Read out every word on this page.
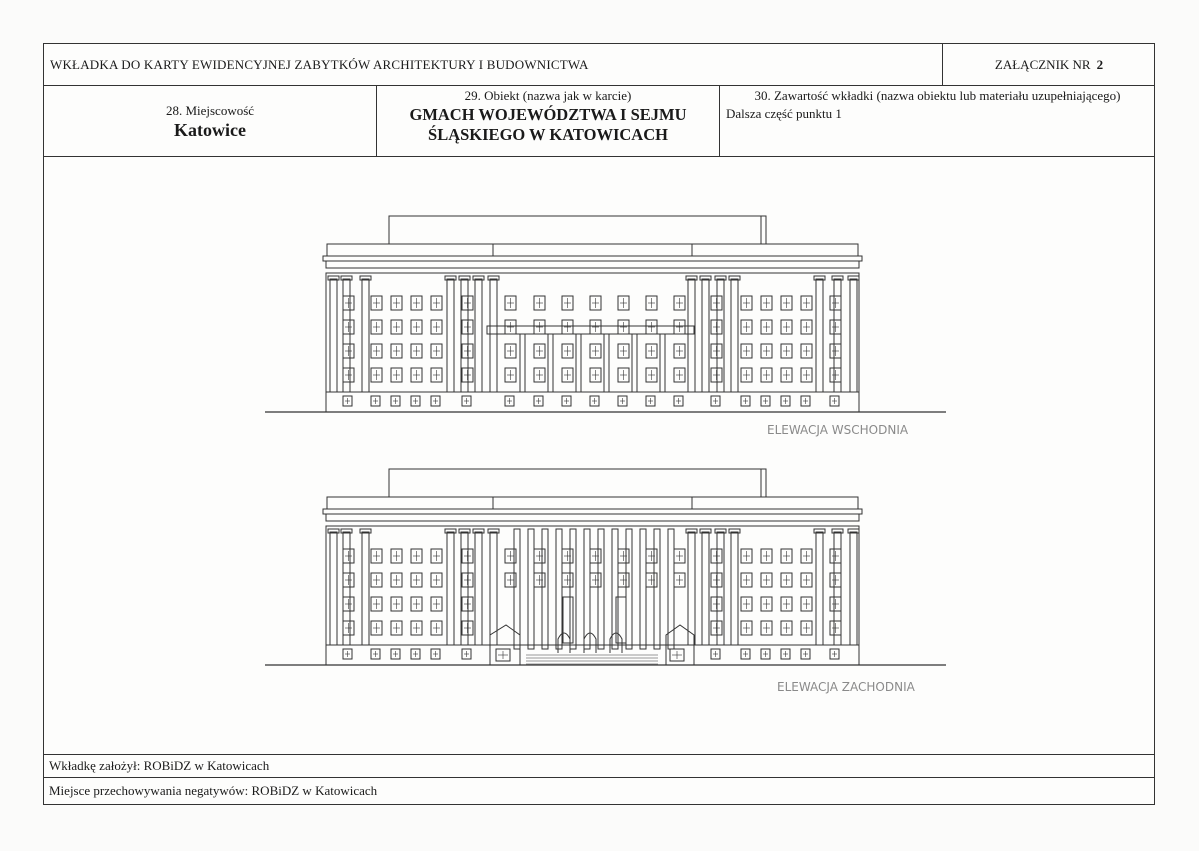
WKŁADKA DO KARTY EWIDENCYJNEJ ZABYTKÓW ARCHITEKTURY I BUDOWNICTWA	ZAŁĄCZNIK NR 2
28. Miejscowość
Katowice
29. Obiekt (nazwa jak w karcie)
GMACH WOJEWÓDZTWA I SEJMU
ŚLĄSKIEGO W KATOWICACH
30. Zawartość wkładki (nazwa obiektu lub materiału uzupełniającego)
Dalsza część punktu 1
ELEWACJA WSCHODNIA
ELEWACJA ZACHODNIA
Wkładkę założył: ROBiDZ w Katowicach
Miejsce przechowywania negatywów: ROBiDZ w Katowicach
